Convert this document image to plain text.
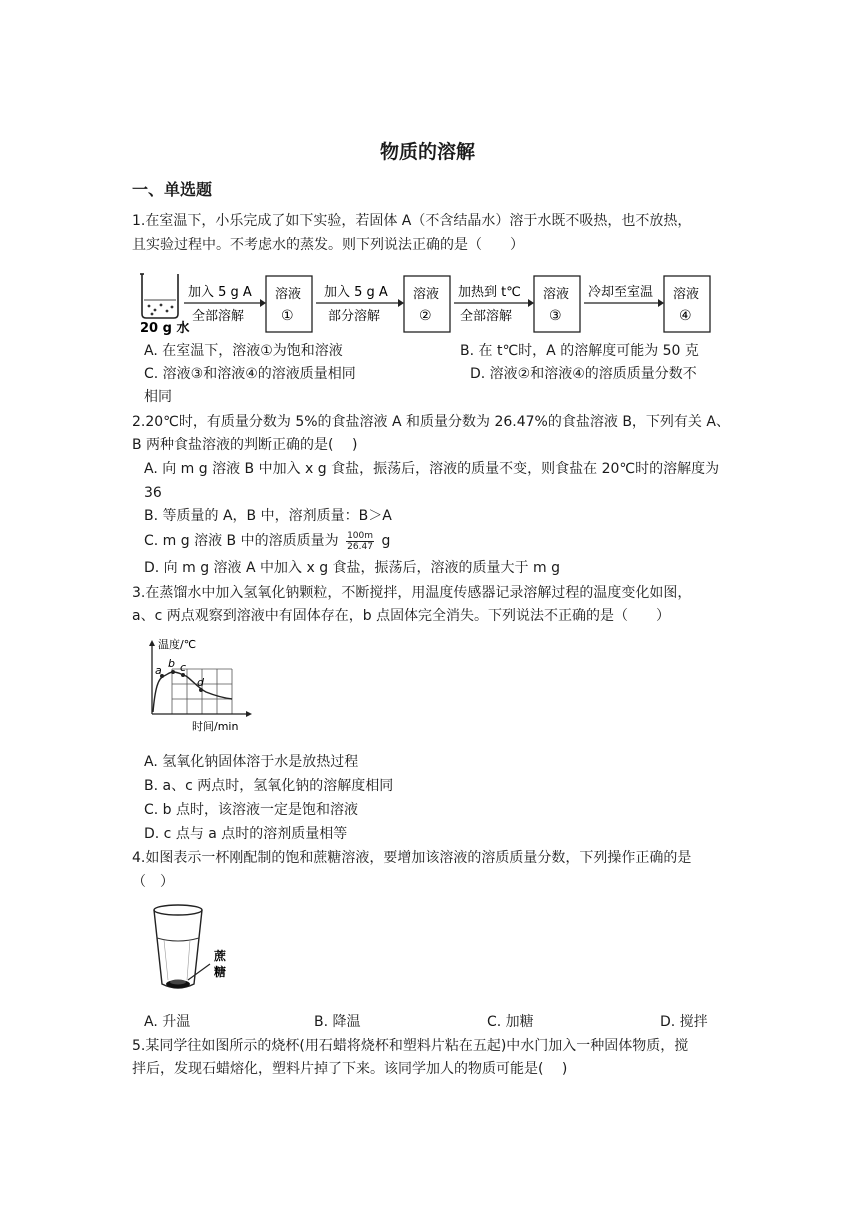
物质的溶解
一、单选题
1.在室温下，小乐完成了如下实验，若固体 A（不含结晶水）溶于水既不吸热，也不放热，
且实验过程中。不考虑水的蒸发。则下列说法正确的是（　　）
20 g 水
加入 5 g A
全部溶解
溶液
①
加入 5 g A
部分溶解
溶液
②
加热到 t℃
全部溶解
溶液
③
冷却至室温 溶液
④
A. 在室温下，溶液①为饱和溶液	B. 在 t℃时，A 的溶解度可能为 50 克
C. 溶液③和溶液④的溶液质量相同	D. 溶液②和溶液④的溶质质量分数不
相同
2.20℃时，有质量分数为 5%的食盐溶液 A 和质量分数为 26.47%的食盐溶液 B，下列有关 A、
B 两种食盐溶液的判断正确的是(　 )
A. 向 m g 溶液 B 中加入 x g 食盐，振荡后，溶液的质量不变，则食盐在 20℃时的溶解度为
36
B. 等质量的 A，B 中，溶剂质量：B＞A
C. m g 溶液 B 中的溶质质量为 $\frac{100m}{26.47}$ g
D. 向 m g 溶液 A 中加入 x g 食盐，振荡后，溶液的质量大于 m g
3.在蒸馏水中加入氢氧化钠颗粒，不断搅拌，用温度传感器记录溶解过程的温度变化如图，
a、c 两点观察到溶液中有固体存在，b 点固体完全消失。下列说法不正确的是（　　）
温度/℃
时间/min
a
b c
d
A. 氢氧化钠固体溶于水是放热过程
B. a、c 两点时，氢氧化钠的溶解度相同
C. b 点时，该溶液一定是饱和溶液
D. c 点与 a 点时的溶剂质量相等
4.如图表示一杯刚配制的饱和蔗糖溶液，要增加该溶液的溶质质量分数，下列操作正确的是
（　）
蔗
糖
A. 升温	B. 降温	C. 加糖	D. 搅拌
5.某同学往如图所示的烧杯(用石蜡将烧杯和塑料片粘在五起)中水门加入一种固体物质，搅
拌后，发现石蜡熔化，塑料片掉了下来。该同学加人的物质可能是(　 )
